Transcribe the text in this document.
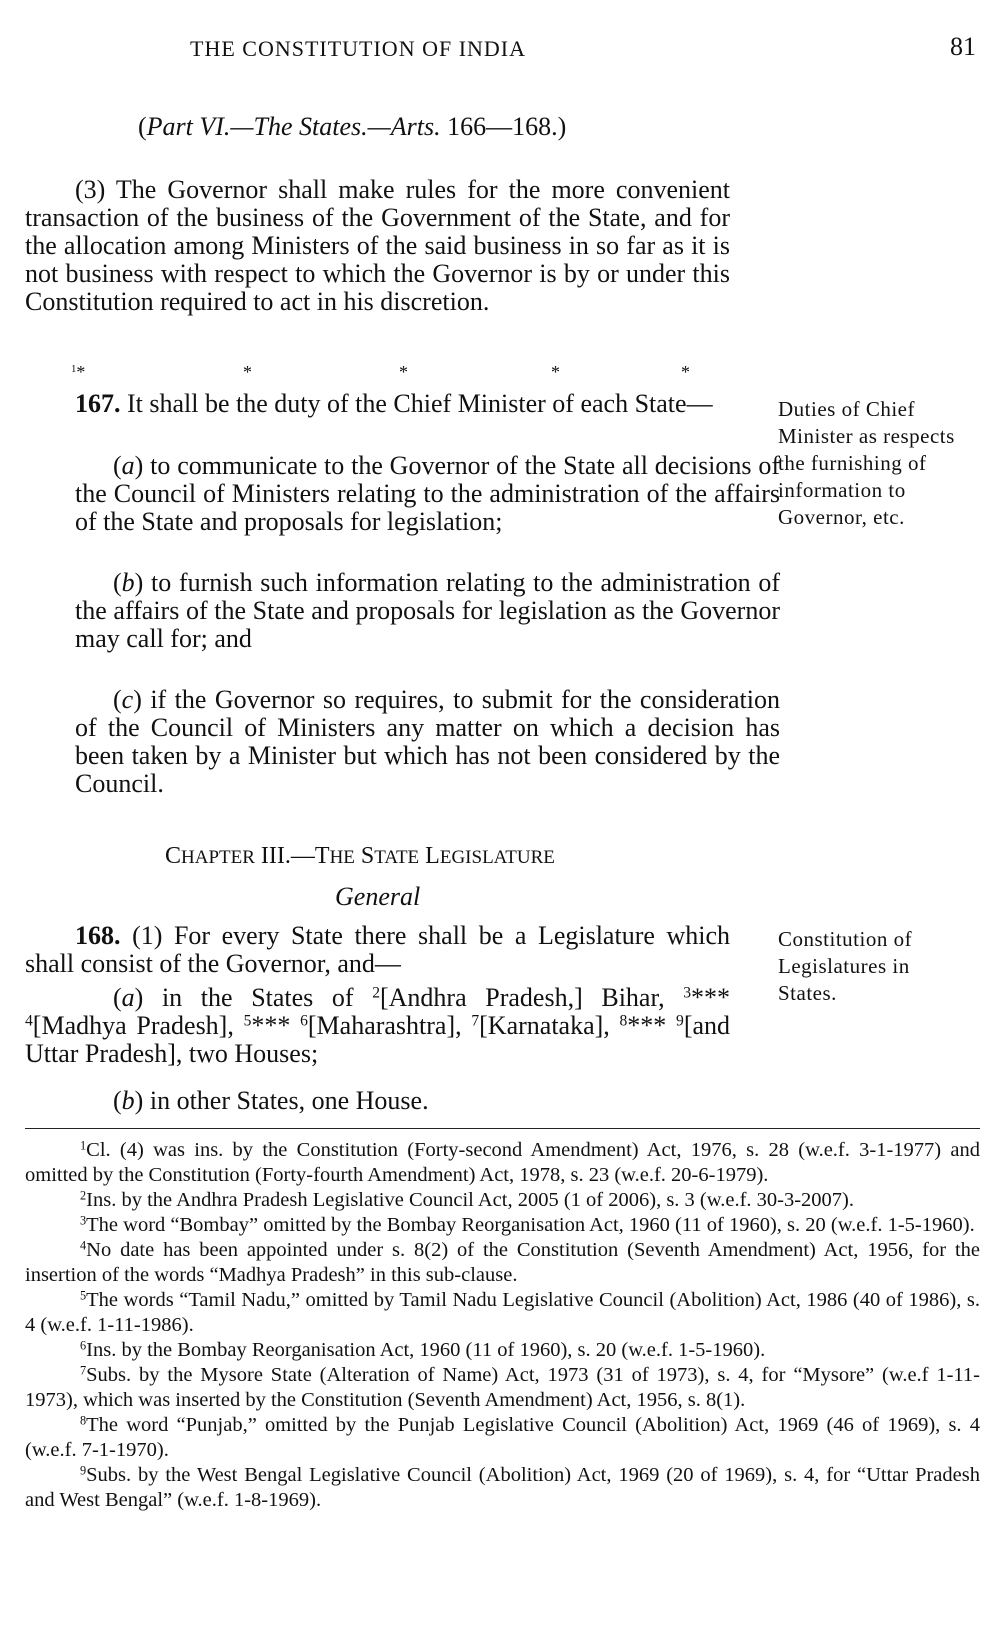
THE CONSTITUTION OF INDIA	81
(Part VI.—The States.—Arts. 166—168.)
(3) The Governor shall make rules for the more convenient transaction of the business of the Government of the State, and for the allocation among Ministers of the said business in so far as it is not business with respect to which the Governor is by or under this Constitution required to act in his discretion.
$^1$*	*	*	*	*
167. It shall be the duty of the Chief Minister of each State—	Duties of Chief Minister as respects the furnishing of information to Governor, etc.
(a) to communicate to the Governor of the State all decisions of the Council of Ministers relating to the administration of the affairs of the State and proposals for legislation;
(b) to furnish such information relating to the administration of the affairs of the State and proposals for legislation as the Governor may call for; and
(c) if the Governor so requires, to submit for the consideration of the Council of Ministers any matter on which a decision has been taken by a Minister but which has not been considered by the Council.
CHAPTER III.—THE STATE LEGISLATURE
General
168. (1) For every State there shall be a Legislature which shall consist of the Governor, and—
Constitution of Legislatures in States.
(a) in the States of $^2$[Andhra Pradesh,] Bihar, $^3$*** $^4$[Madhya Pradesh], $^5$*** $^6$[Maharashtra], $^7$[Karnataka], $^8$*** $^9$[and Uttar Pradesh], two Houses;
(b) in other States, one House.

$^1$Cl. (4) was ins. by the Constitution (Forty-second Amendment) Act, 1976, s. 28 (w.e.f. 3-1-1977) and omitted by the Constitution (Forty-fourth Amendment) Act, 1978, s. 23 (w.e.f. 20-6-1979).

$^2$Ins. by the Andhra Pradesh Legislative Council Act, 2005 (1 of 2006), s. 3 (w.e.f. 30-3-2007).

$^3$The word “Bombay” omitted by the Bombay Reorganisation Act, 1960 (11 of 1960), s. 20 (w.e.f. 1-5-1960).

$^4$No date has been appointed under s. 8(2) of the Constitution (Seventh Amendment) Act, 1956, for the insertion of the words “Madhya Pradesh” in this sub-clause.

$^5$The words “Tamil Nadu,” omitted by Tamil Nadu Legislative Council (Abolition) Act, 1986 (40 of 1986), s. 4 (w.e.f. 1-11-1986).

$^6$Ins. by the Bombay Reorganisation Act, 1960 (11 of 1960), s. 20 (w.e.f. 1-5-1960).

$^7$Subs. by the Mysore State (Alteration of Name) Act, 1973 (31 of 1973), s. 4, for “Mysore” (w.e.f 1-11-1973), which was inserted by the Constitution (Seventh Amendment) Act, 1956, s. 8(1).

$^8$The word “Punjab,” omitted by the Punjab Legislative Council (Abolition) Act, 1969 (46 of 1969), s. 4 (w.e.f. 7-1-1970).

$^9$Subs. by the West Bengal Legislative Council (Abolition) Act, 1969 (20 of 1969), s. 4, for “Uttar Pradesh and West Bengal” (w.e.f. 1-8-1969).
